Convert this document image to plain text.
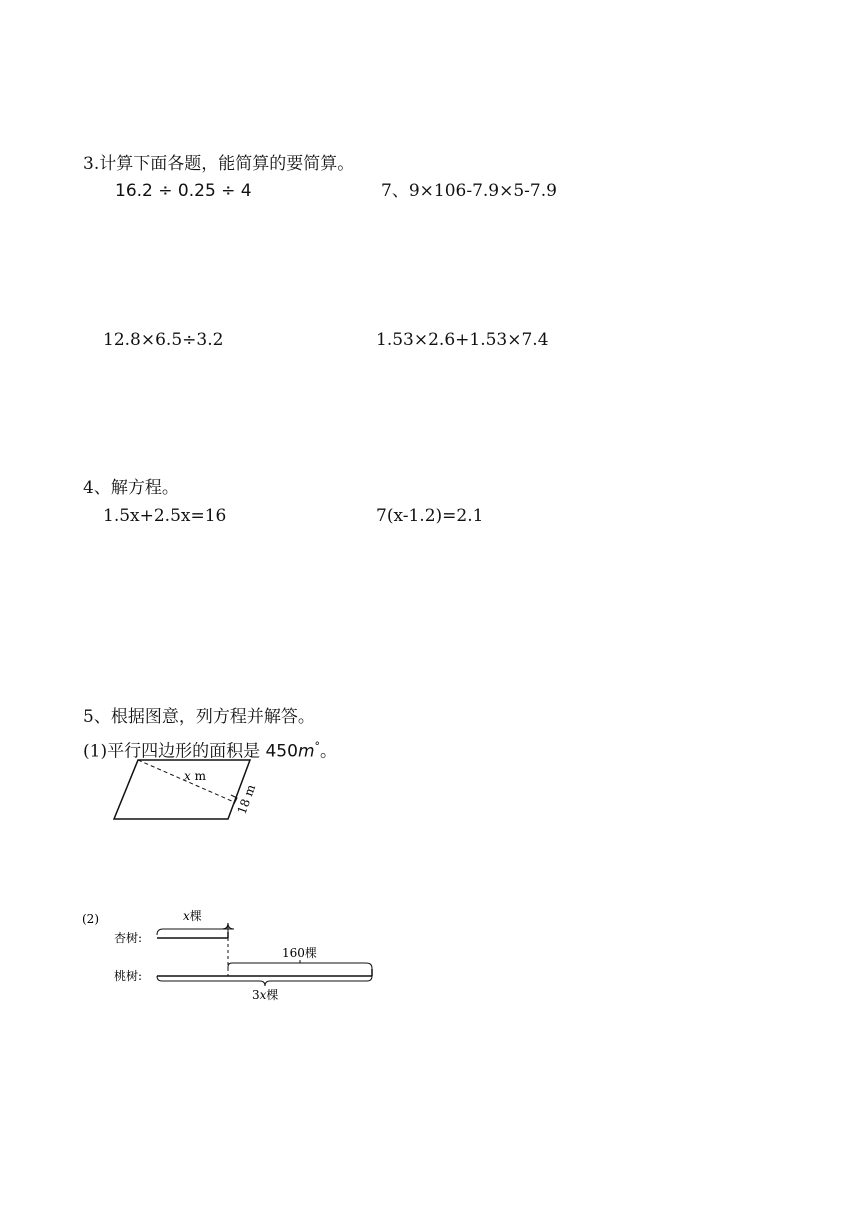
3.计算下面各题，能简算的要简算。
16.2 ÷ 0.25 ÷ 4	7、9×106-7.9×5-7.9
12.8×6.5÷3.2	1.53×2.6+1.53×7.4
4、解方程。
1.5x+2.5x=16	7(x-1.2)=2.1
5、根据图意，列方程并解答。
(1)平行四边形的面积是 450m°。
x m
18 m
(2)	x棵
杏树:
160棵
桃树:
3x棵
